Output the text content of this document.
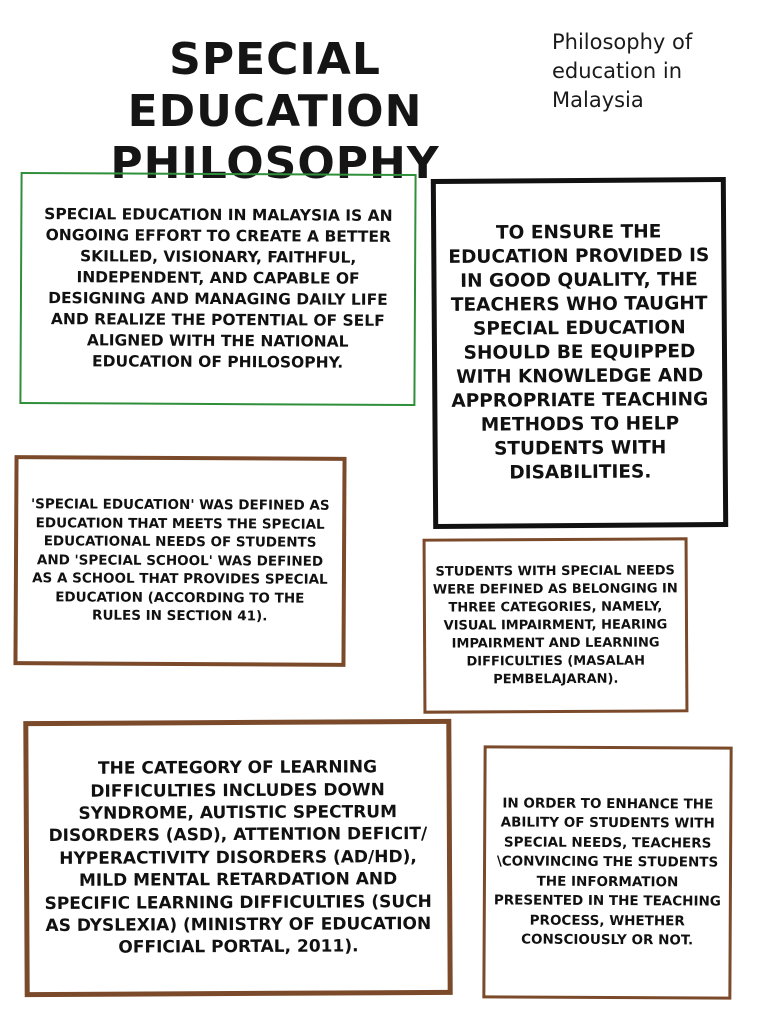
SPECIAL EDUCATION PHILOSOPHY
Philosophy of education in Malaysia
SPECIAL EDUCATION IN MALAYSIA IS AN ONGOING EFFORT TO CREATE A BETTER SKILLED, VISIONARY, FAITHFUL, INDEPENDENT, AND CAPABLE OF DESIGNING AND MANAGING DAILY LIFE AND REALIZE THE POTENTIAL OF SELF ALIGNED WITH THE NATIONAL EDUCATION OF PHILOSOPHY.
TO ENSURE THE EDUCATION PROVIDED IS IN GOOD QUALITY, THE TEACHERS WHO TAUGHT SPECIAL EDUCATION SHOULD BE EQUIPPED WITH KNOWLEDGE AND APPROPRIATE TEACHING METHODS TO HELP STUDENTS WITH DISABILITIES.
'SPECIAL EDUCATION' WAS DEFINED AS EDUCATION THAT MEETS THE SPECIAL EDUCATIONAL NEEDS OF STUDENTS AND 'SPECIAL SCHOOL' WAS DEFINED AS A SCHOOL THAT PROVIDES SPECIAL EDUCATION (ACCORDING TO THE RULES IN SECTION 41).
STUDENTS WITH SPECIAL NEEDS WERE DEFINED AS BELONGING IN THREE CATEGORIES, NAMELY, VISUAL IMPAIRMENT, HEARING IMPAIRMENT AND LEARNING DIFFICULTIES (MASALAH PEMBELAJARAN).
THE CATEGORY OF LEARNING DIFFICULTIES INCLUDES DOWN SYNDROME, AUTISTIC SPECTRUM DISORDERS (ASD), ATTENTION DEFICIT/ HYPERACTIVITY DISORDERS (AD/HD), MILD MENTAL RETARDATION AND SPECIFIC LEARNING DIFFICULTIES (SUCH AS DYSLEXIA) (MINISTRY OF EDUCATION OFFICIAL PORTAL, 2011).
IN ORDER TO ENHANCE THE ABILITY OF STUDENTS WITH SPECIAL NEEDS, TEACHERS \CONVINCING THE STUDENTS THE INFORMATION PRESENTED IN THE TEACHING PROCESS, WHETHER CONSCIOUSLY OR NOT.
